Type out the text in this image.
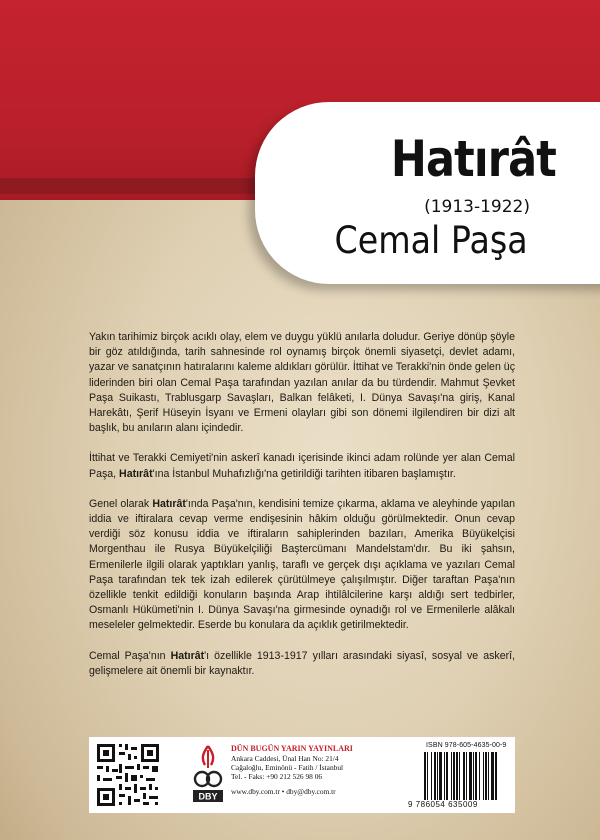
Hatırât
(1913-1922)
Cemal Paşa

Yakın tarihimiz birçok acıklı olay, elem ve duygu yüklü anılarla doludur. Geriye dönüp şöyle bir göz atıldığında, tarih sahnesinde rol oynamış birçok önemli siyasetçi, devlet adamı, yazar ve sanatçının hatıralarını kaleme aldıkları görülür. İttihat ve Terakki'nin önde gelen üç liderinden biri olan Cemal Paşa tarafından yazılan anılar da bu türdendir. Mahmut Şevket Paşa Suikastı, Trablusgarp Savaşları, Balkan felâketi, I. Dünya Savaşı'na giriş, Kanal Harekâtı, Şerif Hüseyin İsyanı ve Ermeni olayları gibi son dönemi ilgilendiren bir dizi alt başlık, bu anıların alanı içindedir.

İttihat ve Terakki Cemiyeti'nin askerî kanadı içerisinde ikinci adam rolünde yer alan Cemal Paşa, Hatırât'ına İstanbul Muhafızlığı'na getirildiği tarihten itibaren başlamıştır.

Genel olarak Hatırât'ında Paşa'nın, kendisini temize çıkarma, aklama ve aleyhinde yapılan iddia ve iftiralara cevap verme endişesinin hâkim olduğu görülmektedir. Onun cevap verdiği söz konusu iddia ve iftiraların sahiplerinden bazıları, Amerika Büyükelçisi Morgenthau ile Rusya Büyükelçiliği Baştercümanı Mandelstam'dır. Bu iki şahsın, Ermenilerle ilgili olarak yaptıkları yanlış, taraflı ve gerçek dışı açıklama ve yazıları Cemal Paşa tarafından tek tek izah edilerek çürütülmeye çalışılmıştır. Diğer taraftan Paşa'nın özellikle tenkit edildiği konuların başında Arap ihtilâlcilerine karşı aldığı sert tedbirler, Osmanlı Hükümeti'nin I. Dünya Savaşı'na girmesinde oynadığı rol ve Ermenilerle alâkalı meseleler gelmektedir. Eserde bu konulara da açıklık getirilmektedir.

Cemal Paşa'nın Hatırât'ı özellikle 1913-1917 yılları arasındaki siyasî, sosyal ve askerî, gelişmelere ait önemli bir kaynaktır.

DBY
DÜN BUGÜN YARIN YAYINLARI
Ankara Caddesi, Ünal Han No: 21/4
Cağaloğlu, Eminönü - Fatih / İstanbul
Tel. - Faks: +90 212 526 98 06
www.dby.com.tr • dby@dby.com.tr
ISBN 978-605-4635-00-9
9 786054 635009
